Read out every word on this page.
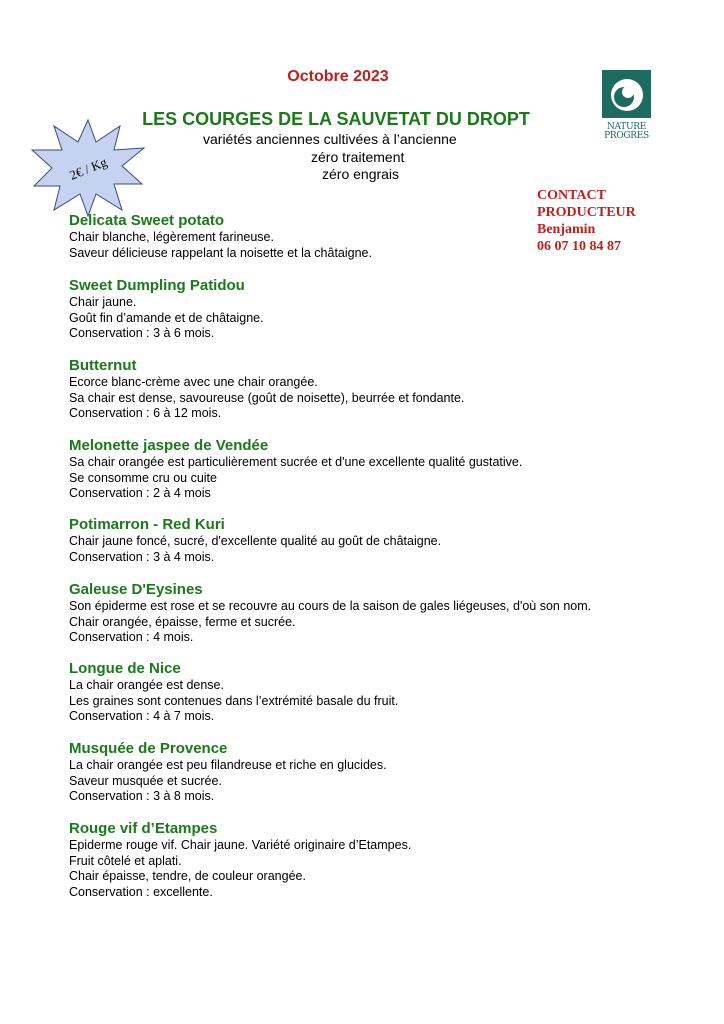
Octobre 2023
LES COURGES DE LA SAUVETAT DU DROPT
variétés anciennes cultivées à l’ancienne
zéro traitement
zéro engrais
2€ / Kg
NATURE
PROGRES
CONTACT
PRODUCTEUR
Benjamin
06 07 10 84 87
Delicata Sweet potato
Chair blanche, légèrement farineuse.
Saveur délicieuse rappelant la noisette et la châtaigne.
Sweet Dumpling Patidou
Chair jaune.
Goût fin d’amande et de châtaigne.
Conservation : 3 à 6 mois.
Butternut
Ecorce blanc-crème avec une chair orangée.
Sa chair est dense, savoureuse (goût de noisette), beurrée et fondante.
Conservation : 6 à 12 mois.
Melonette jaspee de Vendée
Sa chair orangée est particulièrement sucrée et d'une excellente qualité gustative.
Se consomme cru ou cuite
Conservation : 2 à 4 mois
Potimarron - Red Kuri
Chair jaune foncé, sucré, d'excellente qualité au goût de châtaigne.
Conservation : 3 à 4 mois.
Galeuse D'Eysines
Son épiderme est rose et se recouvre au cours de la saison de gales liégeuses, d'où son nom.
Chair orangée, épaisse, ferme et sucrée.
Conservation : 4 mois.
Longue de Nice
La chair orangée est dense.
Les graines sont contenues dans l’extrémité basale du fruit.
Conservation : 4 à 7 mois.
Musquée de Provence
La chair orangée est peu filandreuse et riche en glucides.
Saveur musquée et sucrée.
Conservation : 3 à 8 mois.
Rouge vif d’Etampes
Epiderme rouge vif. Chair jaune. Variété originaire d’Etampes.
Fruit côtelé et aplati.
Chair épaisse, tendre, de couleur orangée.
Conservation : excellente.
